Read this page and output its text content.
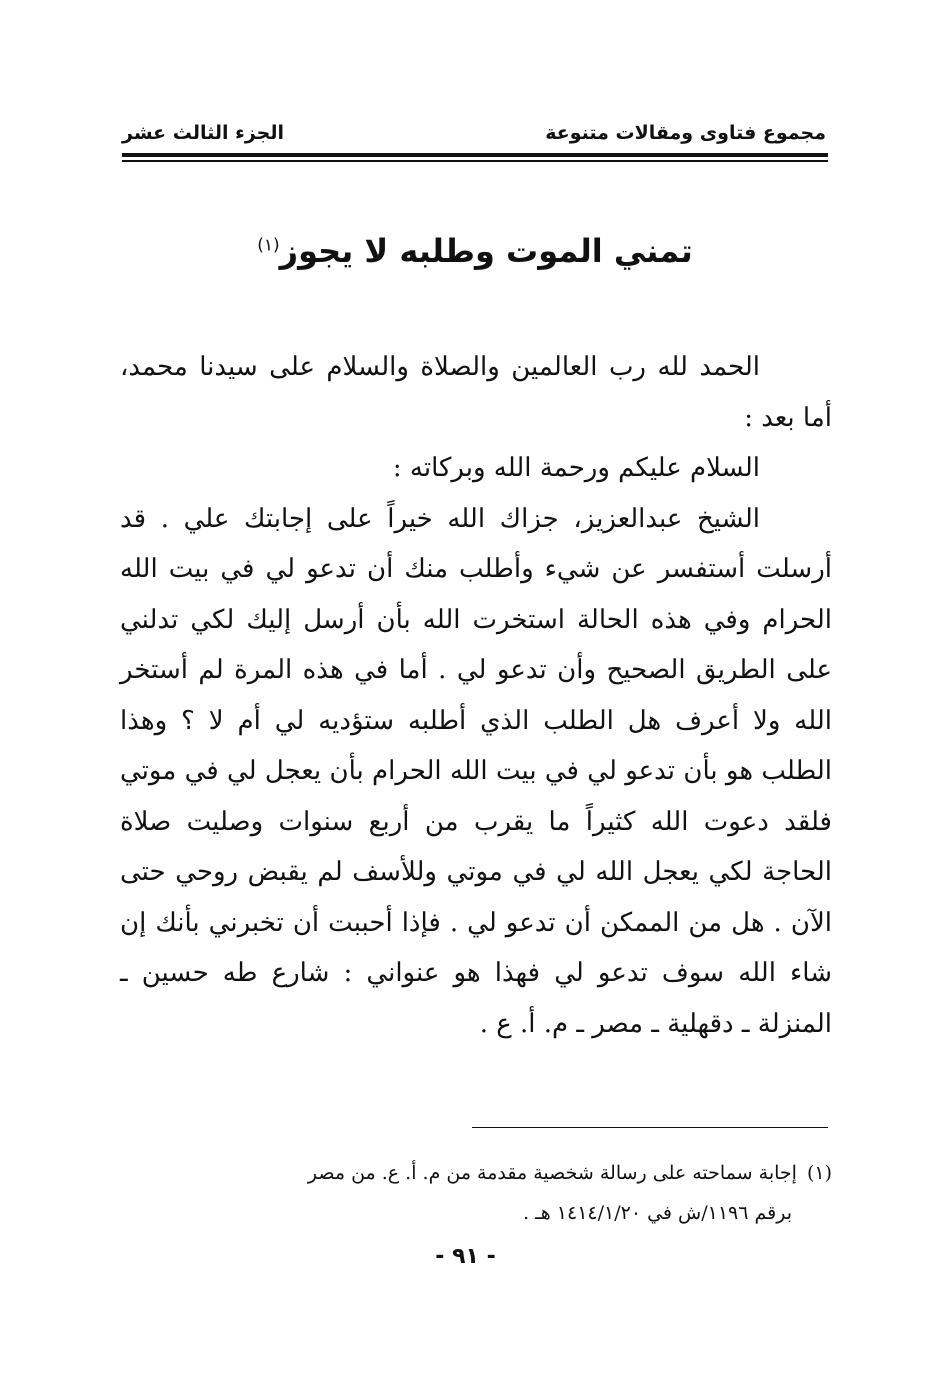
مجموع فتاوى ومقالات متنوعة
الجزء الثالث عشر
تمني الموت وطلبه لا يجوز$^{(١)}$

الحمد لله رب العالمين والصلاة والسلام على سيدنا محمد، أما بعد :

السلام عليكم ورحمة الله وبركاته :

الشيخ عبدالعزيز، جزاك الله خيراً على إجابتك علي . قد أرسلت أستفسر عن شيء وأطلب منك أن تدعو لي في بيت الله الحرام وفي هذه الحالة استخرت الله بأن أرسل إليك لكي تدلني على الطريق الصحيح وأن تدعو لي . أما في هذه المرة لم أستخر الله ولا أعرف هل الطلب الذي أطلبه ستؤديه لي أم لا ؟ وهذا الطلب هو بأن تدعو لي في بيت الله الحرام بأن يعجل لي في موتي فلقد دعوت الله كثيراً ما يقرب من أربع سنوات وصليت صلاة الحاجة لكي يعجل الله لي في موتي وللأسف لم يقبض روحي حتى الآن . هل من الممكن أن تدعو لي . فإذا أحببت أن تخبرني بأنك إن شاء الله سوف تدعو لي فهذا هو عنواني : شارع طه حسين ـ المنزلة ـ دقهلية ـ مصر ـ م. أ. ع .

(١)إجابة سماحته على رسالة شخصية مقدمة من م. أ. ع. من مصر
برقم ١١٩٦/ش في ١٤١٤/١/٢٠ هـ .
- ٩١ -
